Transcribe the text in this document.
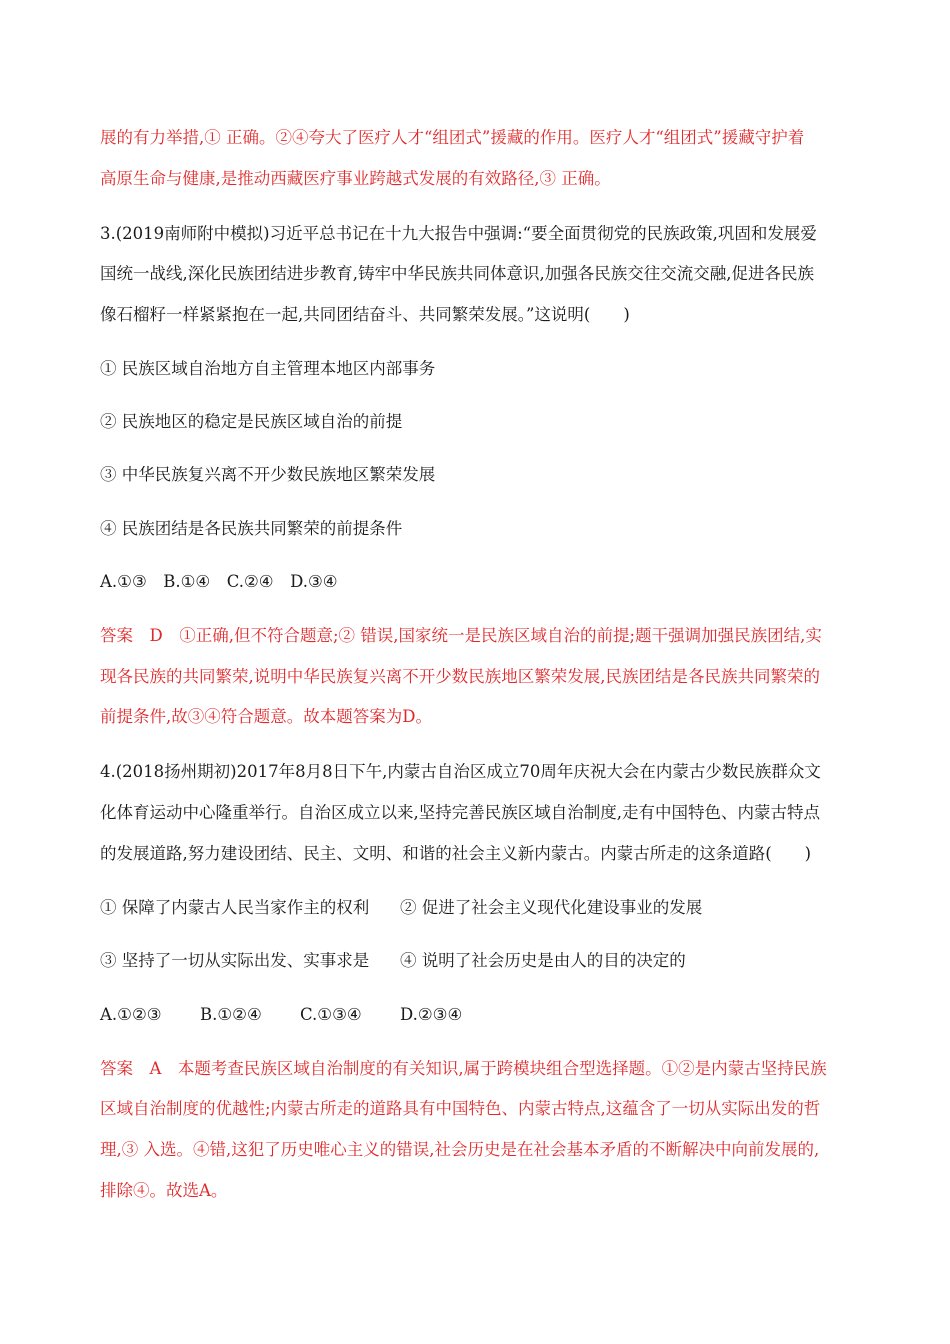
展的有力举措,① 正确。②④夸大了医疗人才“组团式”援藏的作用。医疗人才“组团式”援藏守护着
高原生命与健康,是推动西藏医疗事业跨越式发展的有效路径,③ 正确。
3.(2019南师附中模拟)习近平总书记在十九大报告中强调:“要全面贯彻党的民族政策,巩固和发展爱
国统一战线,深化民族团结进步教育,铸牢中华民族共同体意识,加强各民族交往交流交融,促进各民族
像石榴籽一样紧紧抱在一起,共同团结奋斗、共同繁荣发展。”这说明(　　)
① 民族区域自治地方自主管理本地区内部事务
② 民族地区的稳定是民族区域自治的前提
③ 中华民族复兴离不开少数民族地区繁荣发展
④ 民族团结是各民族共同繁荣的前提条件
A.①③　B.①④　C.②④　D.③④
答案　D　①正确,但不符合题意;② 错误,国家统一是民族区域自治的前提;题干强调加强民族团结,实
现各民族的共同繁荣,说明中华民族复兴离不开少数民族地区繁荣发展,民族团结是各民族共同繁荣的
前提条件,故③④符合题意。故本题答案为D。
4.(2018扬州期初)2017年8月8日下午,内蒙古自治区成立70周年庆祝大会在内蒙古少数民族群众文
化体育运动中心隆重举行。自治区成立以来,坚持完善民族区域自治制度,走有中国特色、内蒙古特点
的发展道路,努力建设团结、民主、文明、和谐的社会主义新内蒙古。内蒙古所走的这条道路(　　)
① 保障了内蒙古人民当家作主的权利 ② 促进了社会主义现代化建设事业的发展
③ 坚持了一切从实际出发、实事求是 ④ 说明了社会历史是由人的目的决定的
A.①②③ B.①②④ C.①③④ D.②③④
答案　A　本题考查民族区域自治制度的有关知识,属于跨模块组合型选择题。①②是内蒙古坚持民族
区域自治制度的优越性;内蒙古所走的道路具有中国特色、内蒙古特点,这蕴含了一切从实际出发的哲
理,③ 入选。④错,这犯了历史唯心主义的错误,社会历史是在社会基本矛盾的不断解决中向前发展的,
排除④。故选A。
